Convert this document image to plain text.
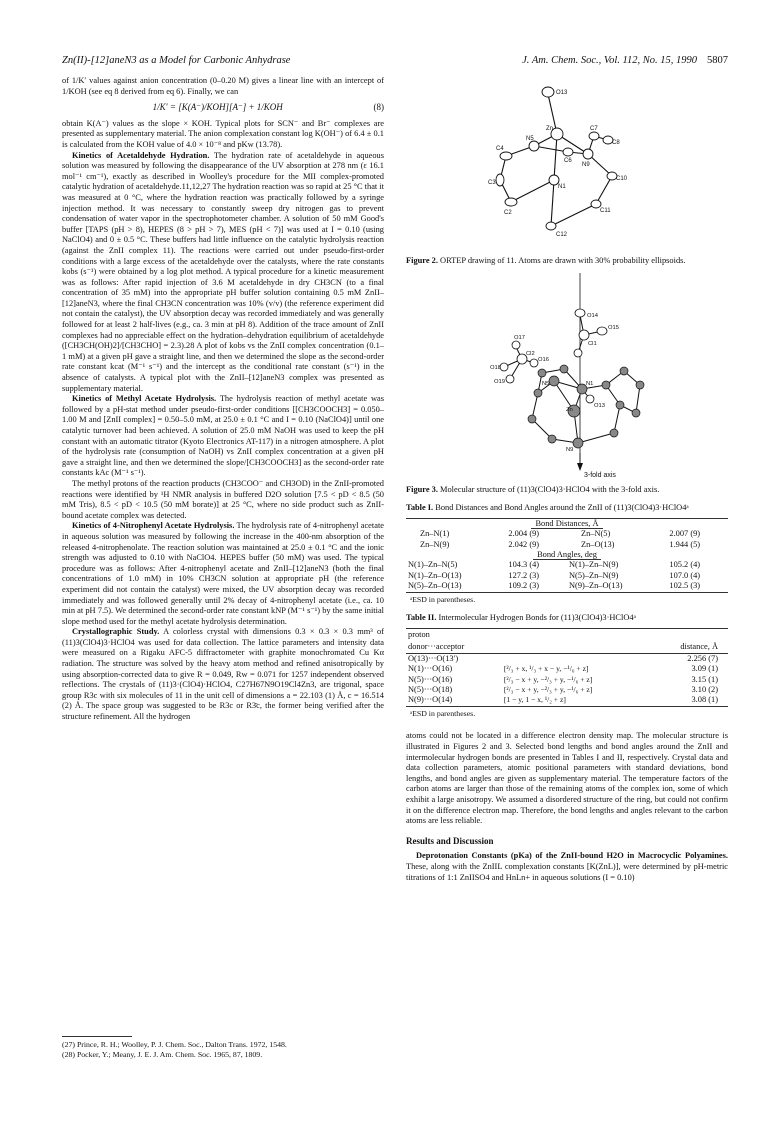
Zn(II)-[12]aneN3 as a Model for Carbonic Anhydrase	J. Am. Chem. Soc., Vol. 112, No. 15, 1990 5807

of 1/K′ values against anion concentration (0–0.20 M) gives a linear line with an intercept of 1/KOH (see eq 8 derived from eq 6). Finally, we can

1/K′ = [K(A⁻)/KOH][A⁻] + 1/KOH	(8)

obtain K(A⁻) values as the slope × KOH. Typical plots for SCN⁻ and Br⁻ complexes are presented as supplementary material. The anion complexation constant log K(OH⁻) of 6.4 ± 0.1 is calculated from the KOH value of 4.0 × 10⁻⁸ and pKw (13.78).

Kinetics of Acetaldehyde Hydration. The hydration rate of acetaldehyde in aqueous solution was measured by following the disappearance of the UV absorption at 278 nm (ε 16.1 mol⁻¹ cm⁻¹), exactly as described in Woolley's procedure for the MII complex-promoted catalytic hydration of acetaldehyde.11,12,27 The hydration reaction was so rapid at 25 °C that it was measured at 0 °C, where the hydration reaction was practically followed by a syringe injection method. It was necessary to constantly sweep dry nitrogen gas to prevent condensation of water vapor in the spectrophotometer chamber. A solution of 50 mM Good's buffer [TAPS (pH > 8), HEPES (8 > pH > 7), MES (pH < 7)] was used at I = 0.10 (using NaClO4) and 0 ± 0.5 °C. These buffers had little influence on the catalytic hydrolysis reaction (against the ZnII complex 11). The reactions were carried out under pseudo-first-order conditions with a large excess of the acetaldehyde over the catalysts, where the rate constants kobs (s⁻¹) were obtained by a log plot method. A typical procedure for a kinetic measurement was as follows: After rapid injection of 3.6 M acetaldehyde in dry CH3CN (to a final concentration of 35 mM) into the appropriate pH buffer solution containing 0.5 mM ZnII–[12]aneN3, where the final CH3CN concentration was 10% (v/v) (the reference experiment did not contain the catalyst), the UV absorption decay was recorded immediately and was generally followed for at least 2 half-lives (e.g., ca. 3 min at pH 8). Addition of the trace amount of ZnII complexes had no appreciable effect on the hydration–dehydration equilibrium of acetaldehyde ([CH3CH(OH)2]/[CH3CHO] = 2.3).28 A plot of kobs vs the ZnII complex concentration (0.1–1 mM) at a given pH gave a straight line, and then we determined the slope as the second-order rate constant kcat (M⁻¹ s⁻¹) and the intercept as the conditional rate constant (s⁻¹) in the absence of catalysts. A typical plot with the ZnII–[12]aneN3 complex was presented as supplementary material.

Kinetics of Methyl Acetate Hydrolysis. The hydrolysis reaction of methyl acetate was followed by a pH-stat method under pseudo-first-order conditions [[CH3COOCH3] = 0.050–1.00 M and [ZnII complex] = 0.50–5.0 mM, at 25.0 ± 0.1 °C and I = 0.10 (NaClO4)] until one catalytic turnover had been achieved. A solution of 25.0 mM NaOH was used to keep the pH constant with an automatic titrator (Kyoto Electronics AT-117) in a nitrogen atmosphere. A plot of the hydrolysis rate (consumption of NaOH) vs ZnII complex concentration at a given pH gave a straight line, and then we determined the slope/[CH3COOCH3] as the second-order rate constants kAc (M⁻¹ s⁻¹).

The methyl protons of the reaction products (CH3COO⁻ and CH3OD) in the ZnII-promoted reactions were identified by ¹H NMR analysis in buffered D2O solution [7.5 < pD < 8.5 (50 mM Tris), 8.5 < pD < 10.5 (50 mM borate)] at 25 °C, where no side product such as ZnII-bound acetate complex was detected.

Kinetics of 4-Nitrophenyl Acetate Hydrolysis. The hydrolysis rate of 4-nitrophenyl acetate in aqueous solution was measured by following the increase in the 400-nm absorption of the released 4-nitrophenolate. The reaction solution was maintained at 25.0 ± 0.1 °C and the ionic strength was adjusted to 0.10 with NaClO4. HEPES buffer (50 mM) was used. The typical procedure was as follows: After 4-nitrophenyl acetate and ZnII–[12]aneN3 (both the final concentrations of 1.0 mM) in 10% CH3CN solution at appropriate pH (the reference experiment did not contain the catalyst) were mixed, the UV absorption decay was recorded immediately and was followed generally until 2% decay of 4-nitrophenyl acetate (i.e., ca. 10 min at pH 7.5). We determined the second-order rate constant kNP (M⁻¹ s⁻¹) by the same initial slope method used for the methyl acetate hydrolysis determination.

Crystallographic Study. A colorless crystal with dimensions 0.3 × 0.3 × 0.3 mm³ of (11)3(ClO4)3·HClO4 was used for data collection. The lattice parameters and intensity data were measured on a Rigaku AFC-5 diffractometer with graphite monochromated Cu Kα radiation. The structure was solved by the heavy atom method and refined anisotropically by using absorption-corrected data to give R = 0.049, Rw = 0.071 for 1257 independent observed reflections. The crystals of (11)3·(ClO4)·HClO4, C27H67N9O19Cl4Zn3, are trigonal, space group R3c with six molecules of 11 in the unit cell of dimensions a = 22.103 (1) Å, c = 16.514 (2) Å. The space group was suggested to be R3c or R3̄c, the former being verified after the structure refinement. All the hydrogen

(27) Prince, R. H.; Woolley, P. J. Chem. Soc., Dalton Trans. 1972, 1548.
(28) Pocker, Y.; Meany, J. E. J. Am. Chem. Soc. 1965, 87, 1809.
O13
Zn
N5
N9
C4
C3
C2
N1
C6
C7
C8
C10
C11
C12

Figure 2. ORTEP drawing of 11. Atoms are drawn with 30% probability ellipsoids.

O14
O15
Cl1
O17
Cl2
O18
O16
O19	N5	N1
O13
Zn
N9
3-fold axis

Figure 3. Molecular structure of (11)3(ClO4)3·HClO4 with the 3-fold axis.

Table I. Bond Distances and Bond Angles around the ZnII of (11)3(ClO4)3·HClO4ᵃ
Bond Distances, Å			
Zn–N(1)	2.004 (9)	Zn–N(5)	2.007 (9)
Zn–N(9)	2.042 (9)	Zn–O(13)	1.944 (5)
Bond Angles, deg			
N(1)–Zn–N(5)	104.3 (4)	N(1)–Zn–N(9)	105.2 (4)
N(1)–Zn–O(13)	127.2 (3)	N(5)–Zn–N(9)	107.0 (4)
N(5)–Zn–O(13)	109.2 (3)	N(9)–Zn–O(13)	102.5 (3)
ᵃESD in parentheses.
Table II. Intermolecular Hydrogen Bonds for (11)3(ClO4)3·HClO4ᵃ
proton		
donor···acceptor		distance, Å
O(13)···O(13′)		2.256 (7)
N(1)···O(16)	[²/₃ + x, ¹/₃ + x − y, −¹/₆ + z]	3.09 (1)
N(5)···O(16)	[²/₃ − x + y, −²/₃ + y, −¹/₆ + z]	3.15 (1)
N(5)···O(18)	[²/₃ − x + y, −²/₃ + y, −¹/₆ + z]	3.10 (2)
N(9)···O(14)	[1 − y, 1 − x, ¹/₂ + z]	3.08 (1)
ᵃESD in parentheses.

atoms could not be located in a difference electron density map. The molecular structure is illustrated in Figures 2 and 3. Selected bond lengths and bond angles around the ZnII and intermolecular hydrogen bonds are presented in Tables I and II, respectively. Crystal data and data collection parameters, atomic positional parameters with standard deviations, bond lengths, and bond angles are given as supplementary material. The temperature factors of the carbon atoms are larger than those of the remaining atoms of the complex ion, some of which exhibit a large anisotropy. We assumed a disordered structure of the ring, but could not confirm it on the difference electron map. Therefore, the bond lengths and angles relevant to the carbon atoms are less reliable.

Results and Discussion

Deprotonation Constants (pKa) of the ZnII-bound H2O in Macrocyclic Polyamines. These, along with the ZnIIL complexation constants [K(ZnL)], were determined by pH-metric titrations of 1:1 ZnIISO4 and HnLn+ in aqueous solutions (I = 0.10)
